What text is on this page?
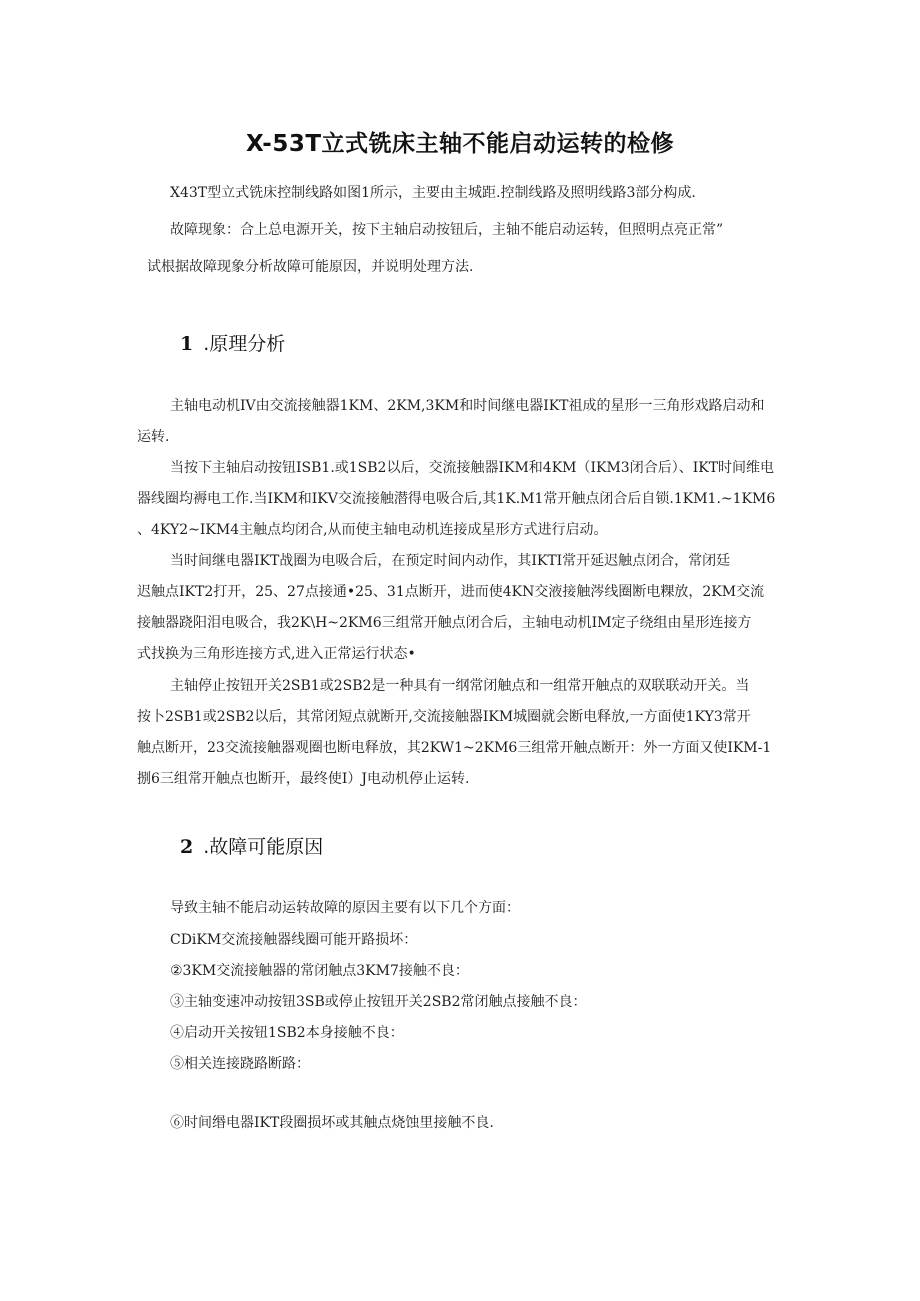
X-53T立式铣床主轴不能启动运转的检修
X43T型立式铣床控制线路如图1所示，主要由主城距.控制线路及照明线路3部分构成.
故障现象：合上总电源开关，按下主轴启动按钮后，主轴不能启动运转，但照明点亮正常”
试根据故障现象分析故障可能原因，并说明处理方法.
1 .原理分析
主轴电动机IV由交流接触器1KM、2KM,3KM和时间继电器IKT祖成的星形一三角形戏路启动和
运转.
当按下主轴启动按钮ISB1.或1SB2以后，交流接触器IKM和4KM（IKM3闭合后）、IKT时间维电
器线圈均褥电工作.当IKM和IKV交流接触潜得电吸合后,其1K.M1常开触点闭合后自锁.1KM1.~1KM6
、4KY2~IKM4主触点均闭合,从而使主轴电动机连接成星形方式进行启动。
当时间继电器IKT战圈为电吸合后，在预定时间内动作，其IKTI常开延迟触点闭合，常闭廷
迟触点IKT2打开，25、27点接通•25、31点断开，进而使4KN交液接触涔线圈断电粿放，2KM交流
接触器跷阳泪电吸合，我2K\H~2KM6三组常开触点闭合后，主轴电动机IM定子绕组由星形连接方
式找换为三角形连接方式,进入正常运行状态•
主轴停止按钮开关2SB1或2SB2是一种具有一纲常闭触点和一组常开触点的双联联动开关。当
按卜2SB1或2SB2以后，其常闭短点就断开,交流接触器IKM城圈就会断电释放,一方面使1KY3常开
触点断开，23交流接触器观圈也断电释放，其2KW1~2KM6三组常开触点断开：外一方面又使IKM-1
捌6三组常开触点也断开，最终使I）J电动机停止运转.
2 .故障可能原因
导致主轴不能启动运转故障的原因主要有以下几个方面：
CDiKM交流接触器线圈可能开路损坏：
②3KM交流接触器的常闭触点3KM7接触不良：
③主轴变速冲动按钮3SB或停止按钮开关2SB2常闭触点接触不良：
④启动开关按钮1SB2本身接触不良：
⑤相关连接跷路断路：
⑥时间缗电器IKT段圈损坏或其触点烧蚀里接触不良.
